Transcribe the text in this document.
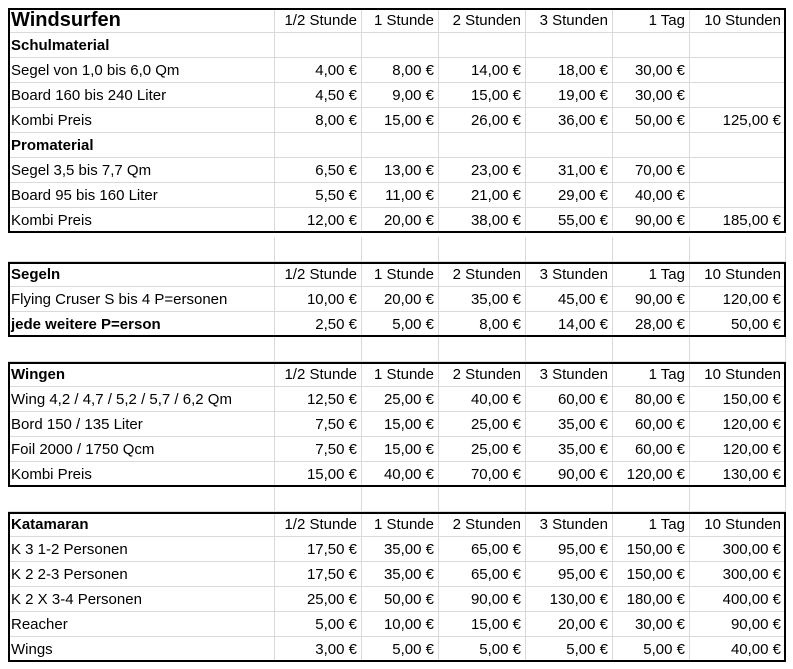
Windsurfen	1/2 Stunde	1 Stunde	2 Stunden	3 Stunden	1 Tag	10 Stunden
Schulmaterial
Segel von 1,0 bis 6,0 Qm	4,00 €	8,00 €	14,00 €	18,00 €	30,00 €
Board 160 bis 240 Liter	4,50 €	9,00 €	15,00 €	19,00 €	30,00 €
Kombi Preis	8,00 €	15,00 €	26,00 €	36,00 €	50,00 €	125,00 €
Promaterial
Segel 3,5 bis 7,7 Qm	6,50 €	13,00 €	23,00 €	31,00 €	70,00 €
Board 95 bis 160 Liter	5,50 €	11,00 €	21,00 €	29,00 €	40,00 €
Kombi Preis	12,00 €	20,00 €	38,00 €	55,00 €	90,00 €	185,00 €
Segeln	1/2 Stunde	1 Stunde	2 Stunden	3 Stunden	1 Tag	10 Stunden
Flying Cruser S bis 4 P=ersonen	10,00 €	20,00 €	35,00 €	45,00 €	90,00 €	120,00 €
jede weitere P=erson	2,50 €	5,00 €	8,00 €	14,00 €	28,00 €	50,00 €
Wingen	1/2 Stunde	1 Stunde	2 Stunden	3 Stunden	1 Tag	10 Stunden
Wing 4,2 / 4,7 / 5,2 / 5,7 / 6,2 Qm	12,50 €	25,00 €	40,00 €	60,00 €	80,00 €	150,00 €
Bord 150 / 135 Liter	7,50 €	15,00 €	25,00 €	35,00 €	60,00 €	120,00 €
Foil 2000 / 1750 Qcm	7,50 €	15,00 €	25,00 €	35,00 €	60,00 €	120,00 €
Kombi Preis	15,00 €	40,00 €	70,00 €	90,00 €	120,00 €	130,00 €
Katamaran	1/2 Stunde	1 Stunde	2 Stunden	3 Stunden	1 Tag	10 Stunden
K 3 1-2 Personen	17,50 €	35,00 €	65,00 €	95,00 €	150,00 €	300,00 €
K 2 2-3 Personen	17,50 €	35,00 €	65,00 €	95,00 €	150,00 €	300,00 €
K 2 X 3-4 Personen	25,00 €	50,00 €	90,00 €	130,00 €	180,00 €	400,00 €
Reacher	5,00 €	10,00 €	15,00 €	20,00 €	30,00 €	90,00 €
Wings	3,00 €	5,00 €	5,00 €	5,00 €	5,00 €	40,00 €
